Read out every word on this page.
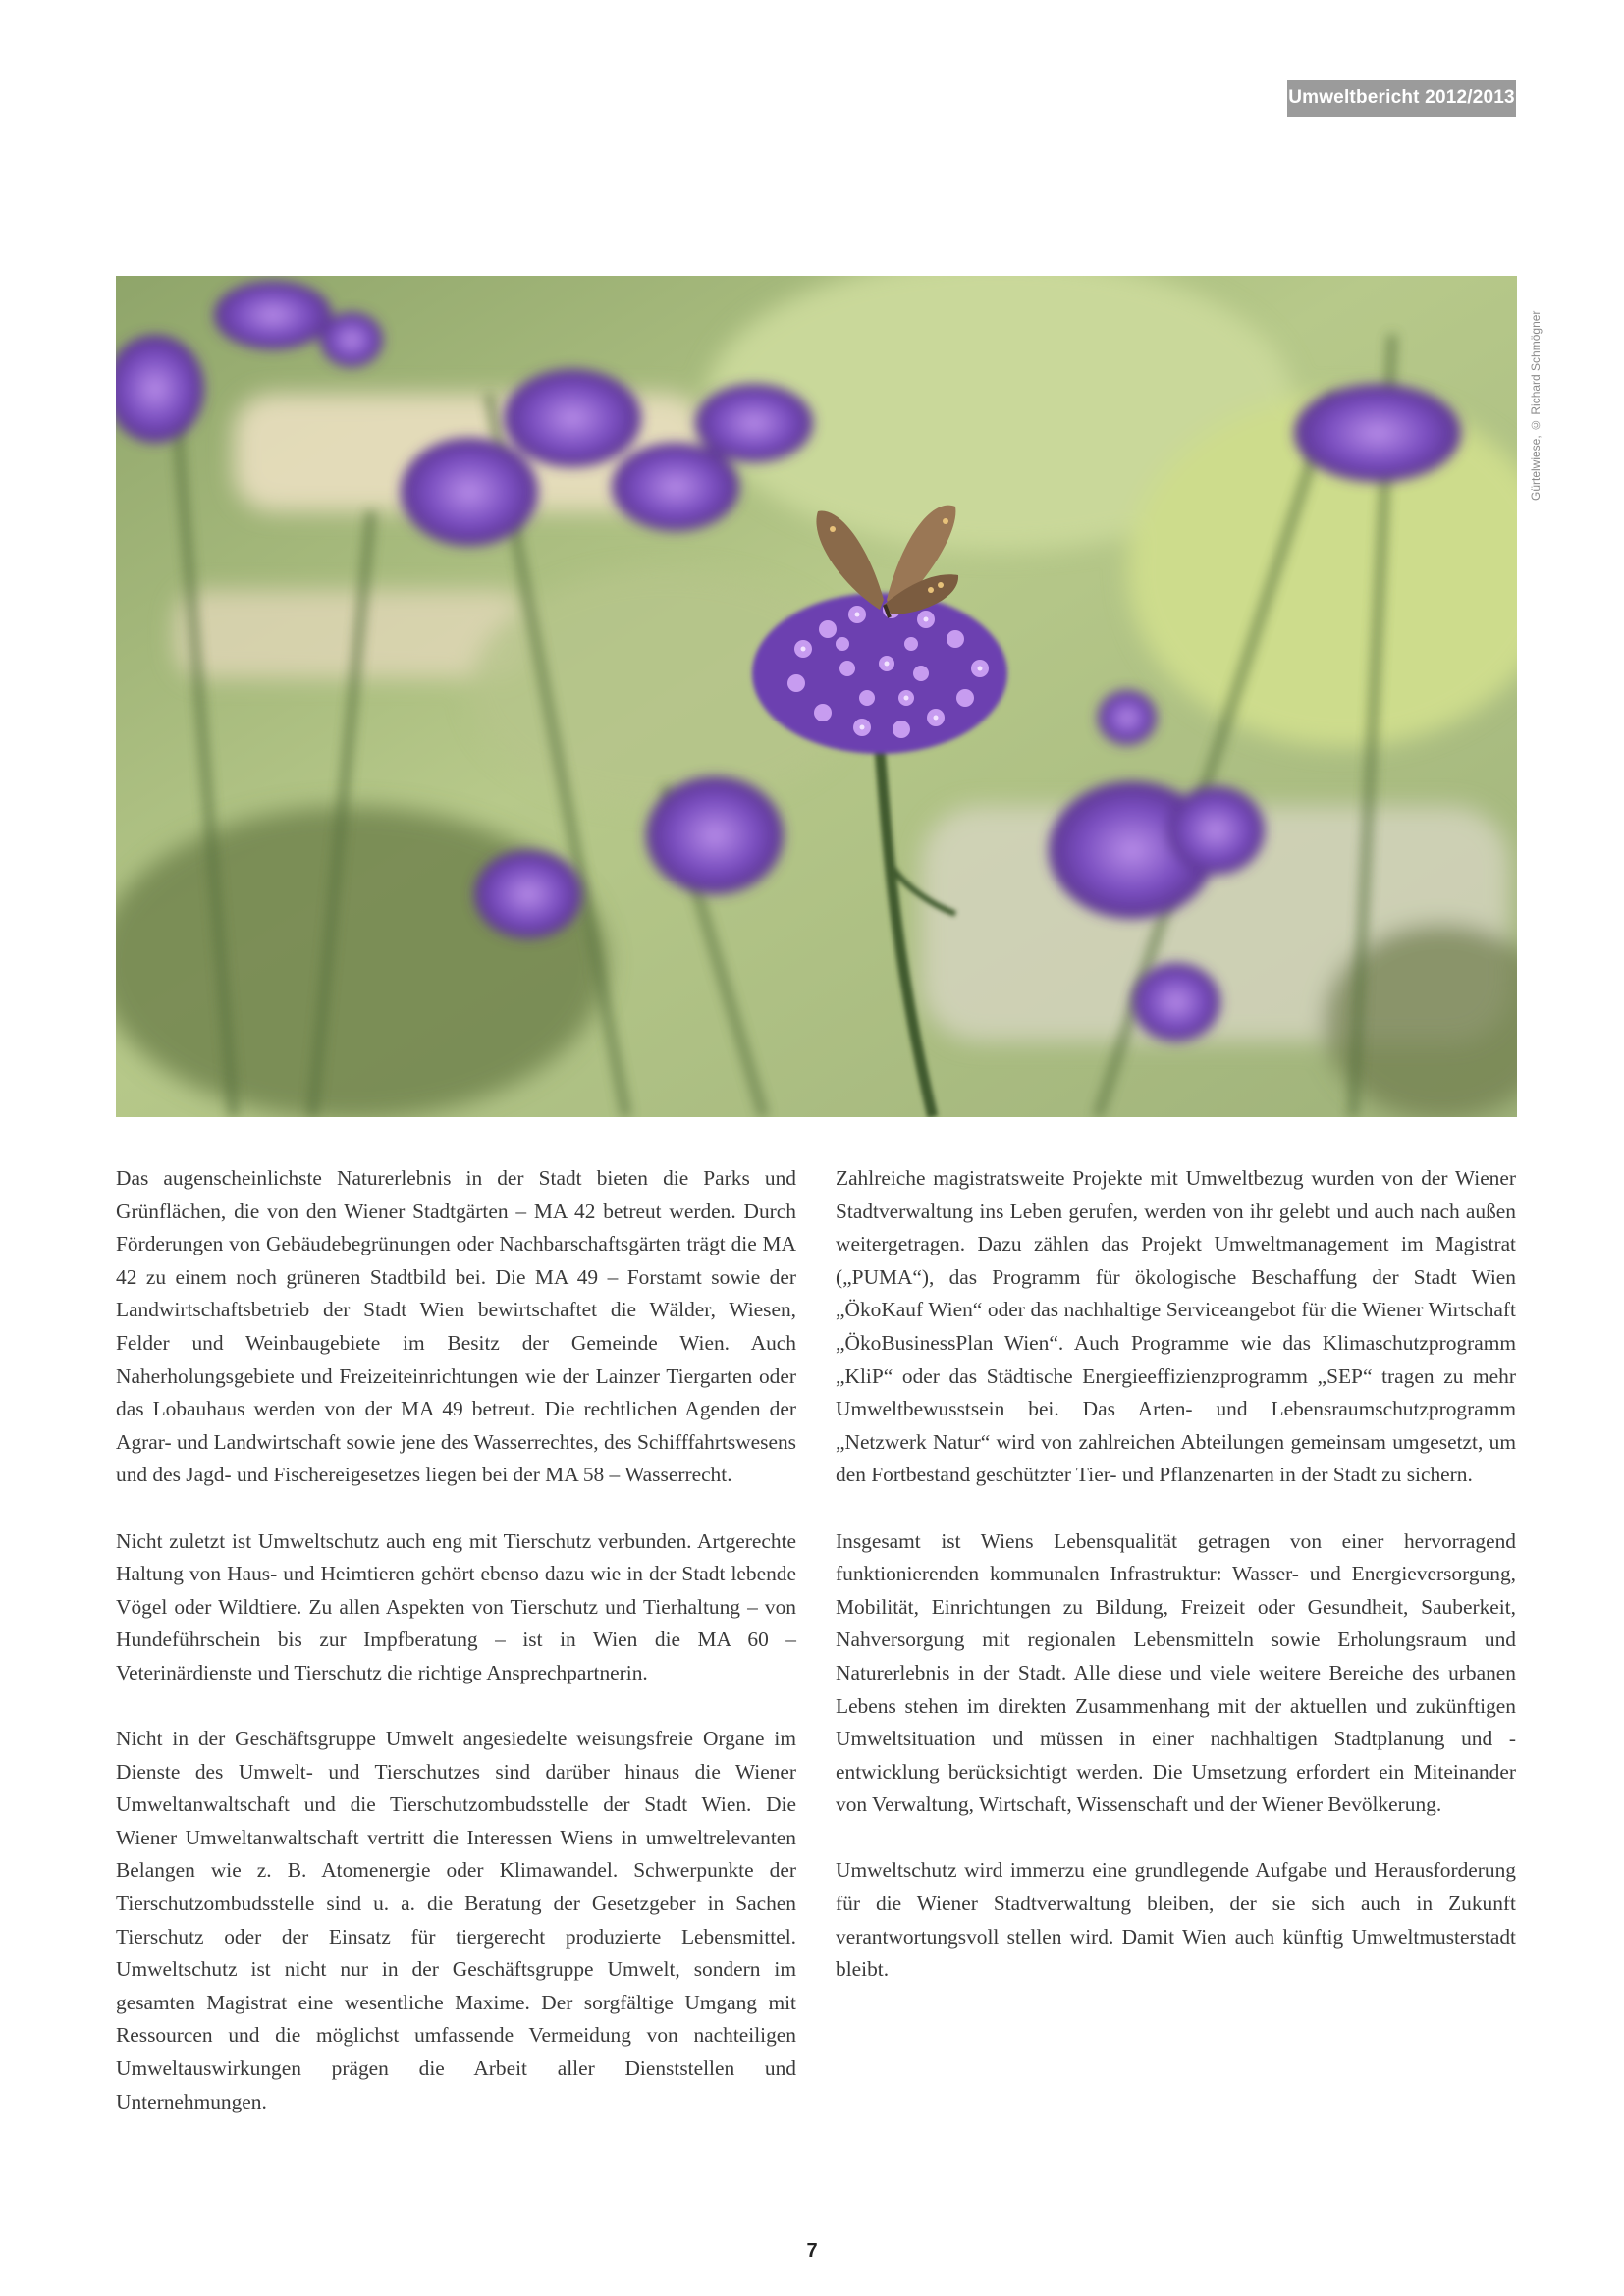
Umweltbericht 2012/2013
Gürtelwiese, © Richard Schmögner

Das augenscheinlichste Naturerlebnis in der Stadt bieten die Parks und Grünflächen, die von den Wiener Stadtgärten – MA 42 betreut werden. Durch Förderungen von Gebäudebegrünungen oder Nachbarschaftsgärten trägt die MA 42 zu einem noch grüneren Stadtbild bei. Die MA 49 – Forstamt sowie der Landwirtschaftsbetrieb der Stadt Wien bewirtschaftet die Wälder, Wiesen, Felder und Weinbaugebiete im Besitz der Gemeinde Wien. Auch Naherholungsgebiete und Freizeiteinrichtungen wie der Lainzer Tiergarten oder das Lobauhaus werden von der MA 49 betreut. Die rechtlichen Agenden der Agrar- und Landwirtschaft sowie jene des Wasserrechtes, des Schifffahrtswesens und des Jagd- und Fischereigesetzes liegen bei der MA 58 – Wasserrecht.

Nicht zuletzt ist Umweltschutz auch eng mit Tierschutz verbunden. Artgerechte Haltung von Haus- und Heimtieren gehört ebenso dazu wie in der Stadt lebende Vögel oder Wildtiere. Zu allen Aspekten von Tierschutz und Tierhaltung – von Hundeführschein bis zur Impfberatung – ist in Wien die MA 60 – Veterinärdienste und Tierschutz die richtige Ansprechpartnerin.

Nicht in der Geschäftsgruppe Umwelt angesiedelte weisungsfreie Organe im Dienste des Umwelt- und Tierschutzes sind darüber hinaus die Wiener Umweltanwaltschaft und die Tierschutzombudsstelle der Stadt Wien. Die Wiener Umweltanwaltschaft vertritt die Interessen Wiens in umweltrelevanten Belangen wie z. B. Atomenergie oder Klimawandel. Schwerpunkte der Tierschutzombudsstelle sind u. a. die Beratung der Gesetzgeber in Sachen Tierschutz oder der Einsatz für tiergerecht produzierte Lebensmittel. Umweltschutz ist nicht nur in der Geschäftsgruppe Umwelt, sondern im gesamten Magistrat eine wesentliche Maxime. Der sorgfältige Umgang mit Ressourcen und die möglichst umfassende Vermeidung von nachteiligen Umweltauswirkungen prägen die Arbeit aller Dienststellen und Unternehmungen.

Zahlreiche magistratsweite Projekte mit Umweltbezug wurden von der Wiener Stadtverwaltung ins Leben gerufen, werden von ihr gelebt und auch nach außen weitergetragen. Dazu zählen das Projekt Umweltmanagement im Magistrat („PUMA“), das Programm für ökologische Beschaffung der Stadt Wien „ÖkoKauf Wien“ oder das nachhaltige Serviceangebot für die Wiener Wirtschaft „ÖkoBusinessPlan Wien“. Auch Programme wie das Klimaschutzprogramm „KliP“ oder das Städtische Energieeffizienzprogramm „SEP“ tragen zu mehr Umweltbewusstsein bei. Das Arten- und Lebensraumschutzprogramm „Netzwerk Natur“ wird von zahlreichen Abteilungen gemeinsam umgesetzt, um den Fortbestand geschützter Tier- und Pflanzenarten in der Stadt zu sichern.

Insgesamt ist Wiens Lebensqualität getragen von einer hervorragend funktionierenden kommunalen Infrastruktur: Wasser- und Energieversorgung, Mobilität, Einrichtungen zu Bildung, Freizeit oder Gesundheit, Sauberkeit, Nahversorgung mit regionalen Lebensmitteln sowie Erholungsraum und Naturerlebnis in der Stadt. Alle diese und viele weitere Bereiche des urbanen Lebens stehen im direkten Zusammenhang mit der aktuellen und zukünftigen Umweltsituation und müssen in einer nachhaltigen Stadtplanung und -entwicklung berücksichtigt werden. Die Umsetzung erfordert ein Miteinander von Verwaltung, Wirtschaft, Wissenschaft und der Wiener Bevölkerung.

Umweltschutz wird immerzu eine grundlegende Aufgabe und Herausforderung für die Wiener Stadtverwaltung bleiben, der sie sich auch in Zukunft verantwortungsvoll stellen wird. Damit Wien auch künftig Umweltmusterstadt bleibt.

7
